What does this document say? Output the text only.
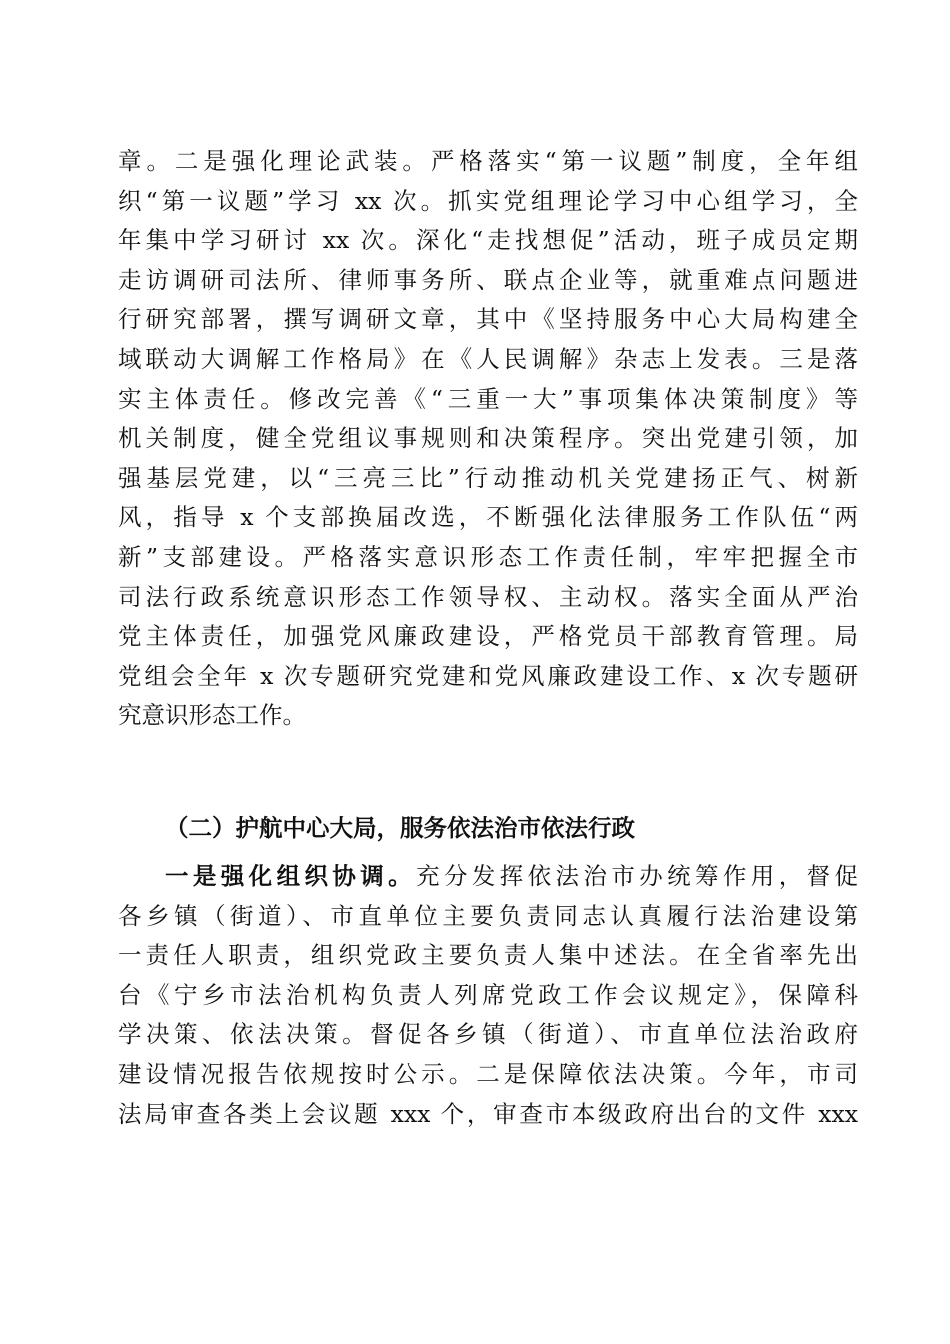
章。二是强化理论武装。严格落实“第一议题”制度，全年组
织“第一议题”学习 xx 次。抓实党组理论学习中心组学习，全
年集中学习研讨 xx 次。深化“走找想促”活动，班子成员定期
走访调研司法所、律师事务所、联点企业等，就重难点问题进
行研究部署，撰写调研文章，其中《坚持服务中心大局构建全
域联动大调解工作格局》在《人民调解》杂志上发表。三是落
实主体责任。修改完善《“三重一大”事项集体决策制度》等
机关制度，健全党组议事规则和决策程序。突出党建引领，加
强基层党建，以“三亮三比”行动推动机关党建扬正气、树新
风，指导 x 个支部换届改选，不断强化法律服务工作队伍“两
新”支部建设。严格落实意识形态工作责任制，牢牢把握全市
司法行政系统意识形态工作领导权、主动权。落实全面从严治
党主体责任，加强党风廉政建设，严格党员干部教育管理。局
党组会全年 x 次专题研究党建和党风廉政建设工作、x 次专题研
究意识形态工作。
（二）护航中心大局，服务依法治市依法行政
一是强化组织协调。充分发挥依法治市办统筹作用，督促
各乡镇（街道）、市直单位主要负责同志认真履行法治建设第
一责任人职责，组织党政主要负责人集中述法。在全省率先出
台《宁乡市法治机构负责人列席党政工作会议规定》，保障科
学决策、依法决策。督促各乡镇（街道）、市直单位法治政府
建设情况报告依规按时公示。二是保障依法决策。今年，市司
法局审查各类上会议题 xxx 个，审查市本级政府出台的文件 xxx
